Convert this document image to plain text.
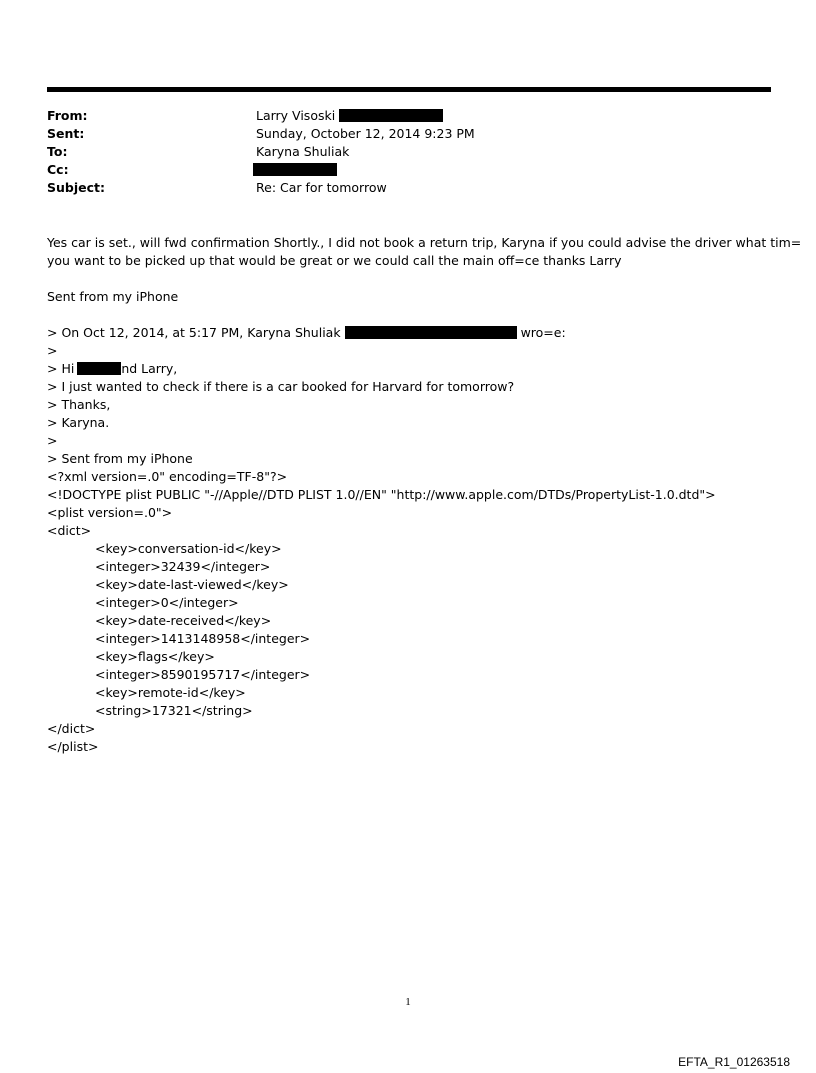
From:	Larry Visoski
Sent:	Sunday, October 12, 2014 9:23 PM
To:	Karyna Shuliak
Cc:
Subject:	Re: Car for tomorrow
Yes car is set., will fwd confirmation Shortly., I did not book a return trip, Karyna if you could advise the driver what tim=
you want to be picked up that would be great or we could call the main off=ce thanks Larry
Sent from my iPhone
> On Oct 12, 2014, at 5:17 PM, Karyna Shuliak	wro=e:
>
> Hi	nd Larry,
> I just wanted to check if there is a car booked for Harvard for tomorrow?
> Thanks,
> Karyna.
>
> Sent from my iPhone
<?xml version=.0" encoding=TF-8"?>
<!DOCTYPE plist PUBLIC "-//Apple//DTD PLIST 1.0//EN" "http://www.apple.com/DTDs/PropertyList-1.0.dtd">
<plist version=.0">
<dict>
<key>conversation-id</key>
<integer>32439</integer>
<key>date-last-viewed</key>
<integer>0</integer>
<key>date-received</key>
<integer>1413148958</integer>
<key>flags</key>
<integer>8590195717</integer>
<key>remote-id</key>
<string>17321</string>
</dict>
</plist>
1
EFTA_R1_01263518
